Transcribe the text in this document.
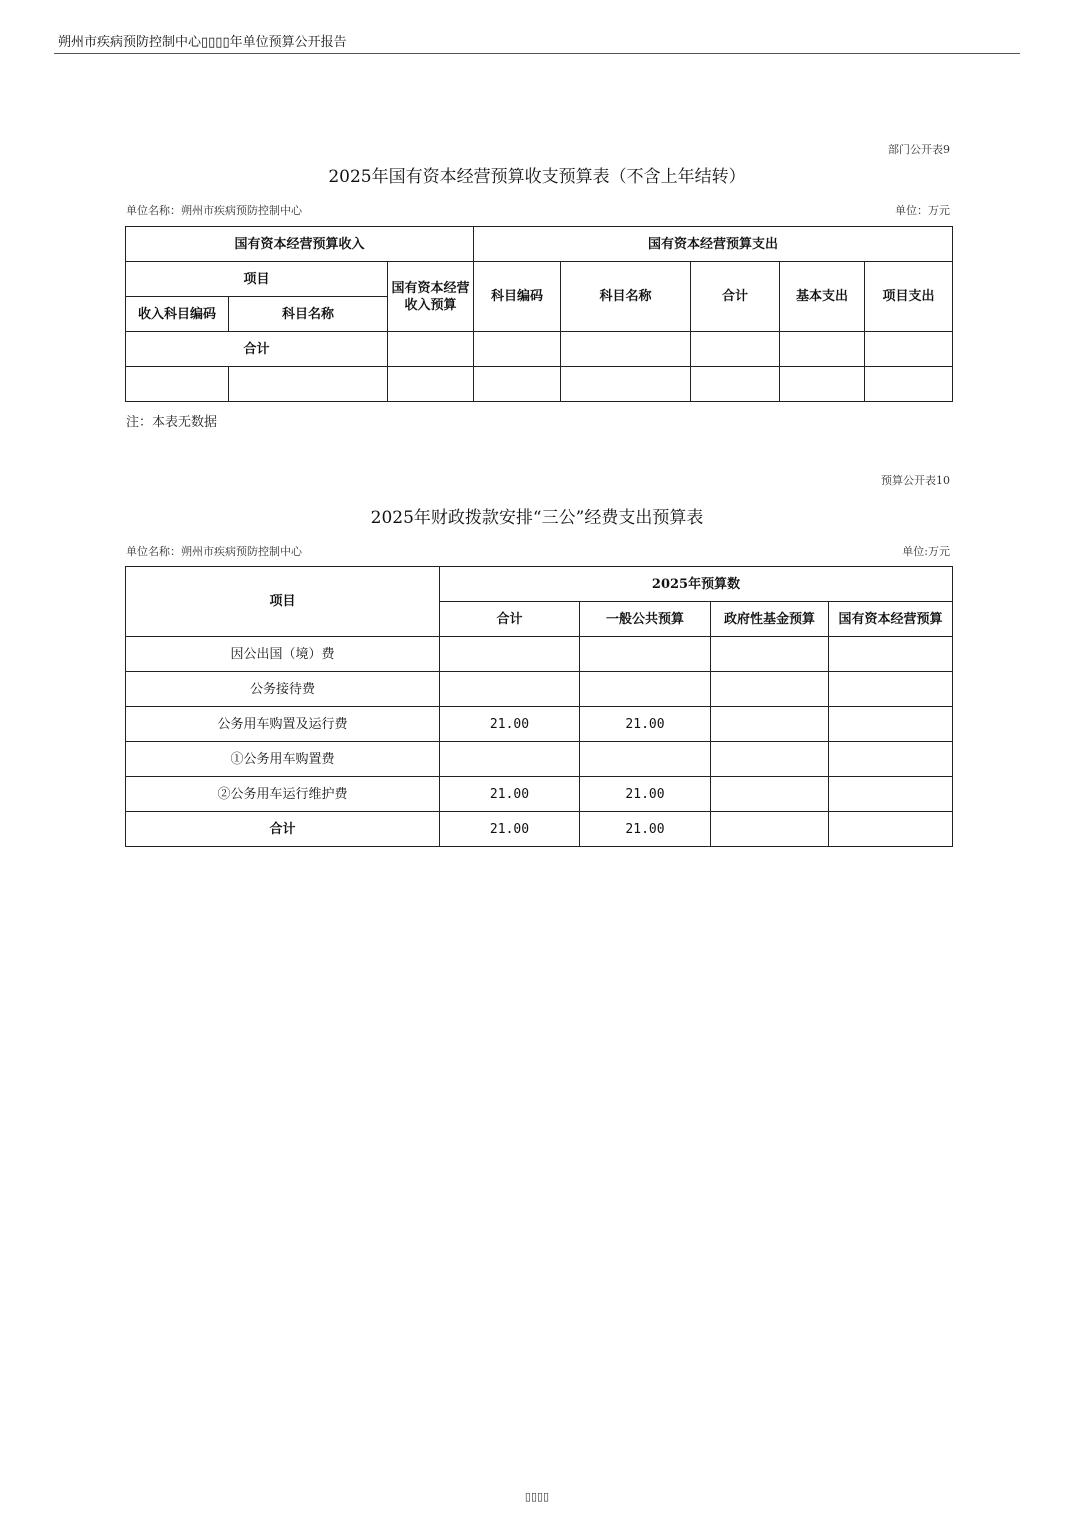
朔州市疾病预防控制中心▯▯▯▯年单位预算公开报告
部门公开表9
2025年国有资本经营预算收支预算表（不含上年结转）
单位名称：朔州市疾病预防控制中心	单位：万元
国有资本经营预算收入			国有资本经营预算支出				
项目		国有资本经营收入预算	科目编码	科目名称	合计	基本支出	项目支出
收入科目编码	科目名称						
合计							

注：本表无数据
预算公开表10
2025年财政拨款安排“三公”经费支出预算表
单位名称：朔州市疾病预防控制中心	单位:万元
项目	2025年预算数			
	合计	一般公共预算	政府性基金预算	国有资本经营预算
因公出国（境）费				
公务接待费				
公务用车购置及运行费	21.00	21.00		
①公务用车购置费				
②公务用车运行维护费	21.00	21.00		
合计	21.00	21.00		
▯▯▯▯
